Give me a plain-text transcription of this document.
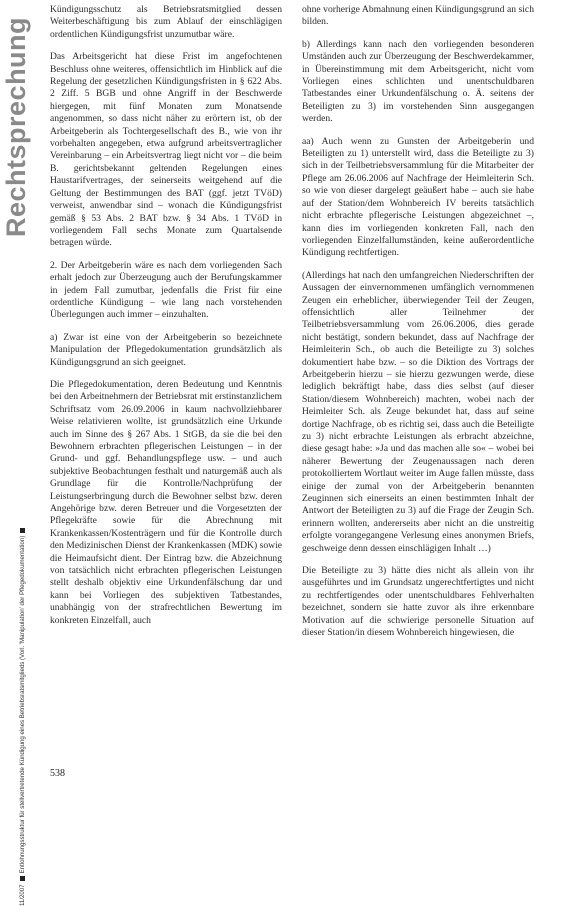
Rechtsprechung
11/2007Entlohnungsstruktur für stellvertretende Kündigung eines Betriebsratsmitglieds (Vorl. 'Manipulation' der Pflegedokumentation)

Kündigungsschutz als Betriebsratsmitglied dessen Weiterbeschäftigung bis zum Ablauf der einschlägigen ordentlichen Kündigungsfrist unzumutbar wäre.

Das Arbeitsgericht hat diese Frist im angefochtenen Beschluss ohne weiteres, offensichtlich im Hinblick auf die Regelung der gesetzlichen Kündigungsfristen in § 622 Abs. 2 Ziff. 5 BGB und ohne Angriff in der Beschwerde hiergegen, mit fünf Monaten zum Monatsende angenommen, so dass nicht näher zu erörtern ist, ob der Arbeitgeberin als Tochtergesellschaft des B., wie von ihr vorbehalten angegeben, etwa aufgrund arbeitsvertraglicher Vereinbarung – ein Arbeitsvertrag liegt nicht vor – die beim B. gerichtsbekannt geltenden Regelungen eines Haustarifvertrages, der seinerseits weitgehend auf die Geltung der Bestimmungen des BAT (ggf. jetzt TVöD) verweist, anwendbar sind – wonach die Kündigungsfrist gemäß § 53 Abs. 2 BAT bzw. § 34 Abs. 1 TVöD in vorliegendem Fall sechs Monate zum Quartalsende betragen würde.

2. Der Arbeitgeberin wäre es nach dem vorliegenden Sach erhalt jedoch zur Überzeugung auch der Berufungskammer in jedem Fall zumutbar, jedenfalls die Frist für eine ordentliche Kündigung – wie lang nach vorstehenden Überlegungen auch immer – einzuhalten.

a) Zwar ist eine von der Arbeitgeberin so bezeichnete Manipulation der Pflegedokumentation grundsätzlich als Kündigungsgrund an sich geeignet.

Die Pflegedokumentation, deren Bedeutung und Kenntnis bei den Arbeitnehmern der Betriebsrat mit erstinstanzlichem Schriftsatz vom 26.09.2006 in kaum nachvollziehbarer Weise relativieren wollte, ist grundsätzlich eine Urkunde auch im Sinne des § 267 Abs. 1 StGB, da sie die bei den Bewohnern erbrachten pflegerischen Leistungen – in der Grund- und ggf. Behandlungspflege usw. – und auch subjektive Beobachtungen festhalt und naturgemäß auch als Grundlage für die Kontrolle/Nachprüfung der Leistungserbringung durch die Bewohner selbst bzw. deren Angehörige bzw. deren Betreuer und die Vorgesetzten der Pflegekräfte sowie für die Abrechnung mit Krankenkassen/Kostenträgern und für die Kontrolle durch den Medizinischen Dienst der Krankenkassen (MDK) sowie die Heimaufsicht dient. Der Eintrag bzw. die Abzeichnung von tatsächlich nicht erbrachten pflegerischen Leistungen stellt deshalb objektiv eine Urkundenfälschung dar und kann bei Vorliegen des subjektiven Tatbestandes, unabhängig von der strafrechtlichen Bewertung im konkreten Einzelfall, auch

ohne vorherige Abmahnung einen Kündigungsgrund an sich bilden.

b) Allerdings kann nach den vorliegenden besonderen Umständen auch zur Überzeugung der Beschwerdekammer, in Übereinstimmung mit dem Arbeitsgericht, nicht vom Vorliegen eines schlichten und unentschuldbaren Tatbestandes einer Urkundenfälschung o. Ä. seitens der Beteiligten zu 3) im vorstehenden Sinn ausgegangen werden.

aa) Auch wenn zu Gunsten der Arbeitgeberin und Beteiligten zu 1) unterstellt wird, dass die Beteiligte zu 3) sich in der Teilbetriebsversammlung für die Mitarbeiter der Pflege am 26.06.2006 auf Nachfrage der Heimleiterin Sch. so wie von dieser dargelegt geäußert habe – auch sie habe auf der Station/dem Wohnbereich IV bereits tatsächlich nicht erbrachte pflegerische Leistungen abgezeichnet –, kann dies im vorliegenden konkreten Fall, nach den vorliegenden Einzelfallumständen, keine außerordentliche Kündigung rechtfertigen.

(Allerdings hat nach den umfangreichen Niederschriften der Aussagen der einvernommenen umfänglich vernommenen Zeugen ein erheblicher, überwiegender Teil der Zeugen, offensichtlich aller Teilnehmer der Teilbetriebsversammlung vom 26.06.2006, dies gerade nicht bestätigt, sondern bekundet, dass auf Nachfrage der Heimleiterin Sch., ob auch die Beteiligte zu 3) solches dokumentiert habe bzw. – so die Diktion des Vortrags der Arbeitgeberin hierzu – sie hierzu gezwungen werde, diese lediglich bekräftigt habe, dass dies selbst (auf dieser Station/diesem Wohnbereich) machten, wobei nach der Heimleiter Sch. als Zeuge bekundet hat, dass auf seine dortige Nachfrage, ob es richtig sei, dass auch die Beteiligte zu 3) nicht erbrachte Leistungen als erbracht abzeichne, diese gesagt habe: »Ja und das machen alle so« – wobei bei näherer Bewertung der Zeugenaussagen nach deren protokolliertem Wortlaut weiter im Auge fallen müsste, dass einige der zumal von der Arbeitgeberin benannten Zeuginnen sich einerseits an einen bestimmten Inhalt der Antwort der Beteiligten zu 3) auf die Frage der Zeugin Sch. erinnern wollten, andererseits aber nicht an die unstreitig erfolgte vorangegangene Verlesung eines anonymen Briefs, geschweige denn dessen einschlägigen Inhalt …)

Die Beteiligte zu 3) hätte dies nicht als allein von ihr ausgeführtes und im Grundsatz ungerechtfertigtes und nicht zu rechtfertigendes oder unentschuldbares Fehlverhalten bezeichnet, sondern sie hatte zuvor als ihre erkennbare Motivation auf die schwierige personelle Situation auf dieser Station/in diesem Wohnbereich hingewiesen, die

538
